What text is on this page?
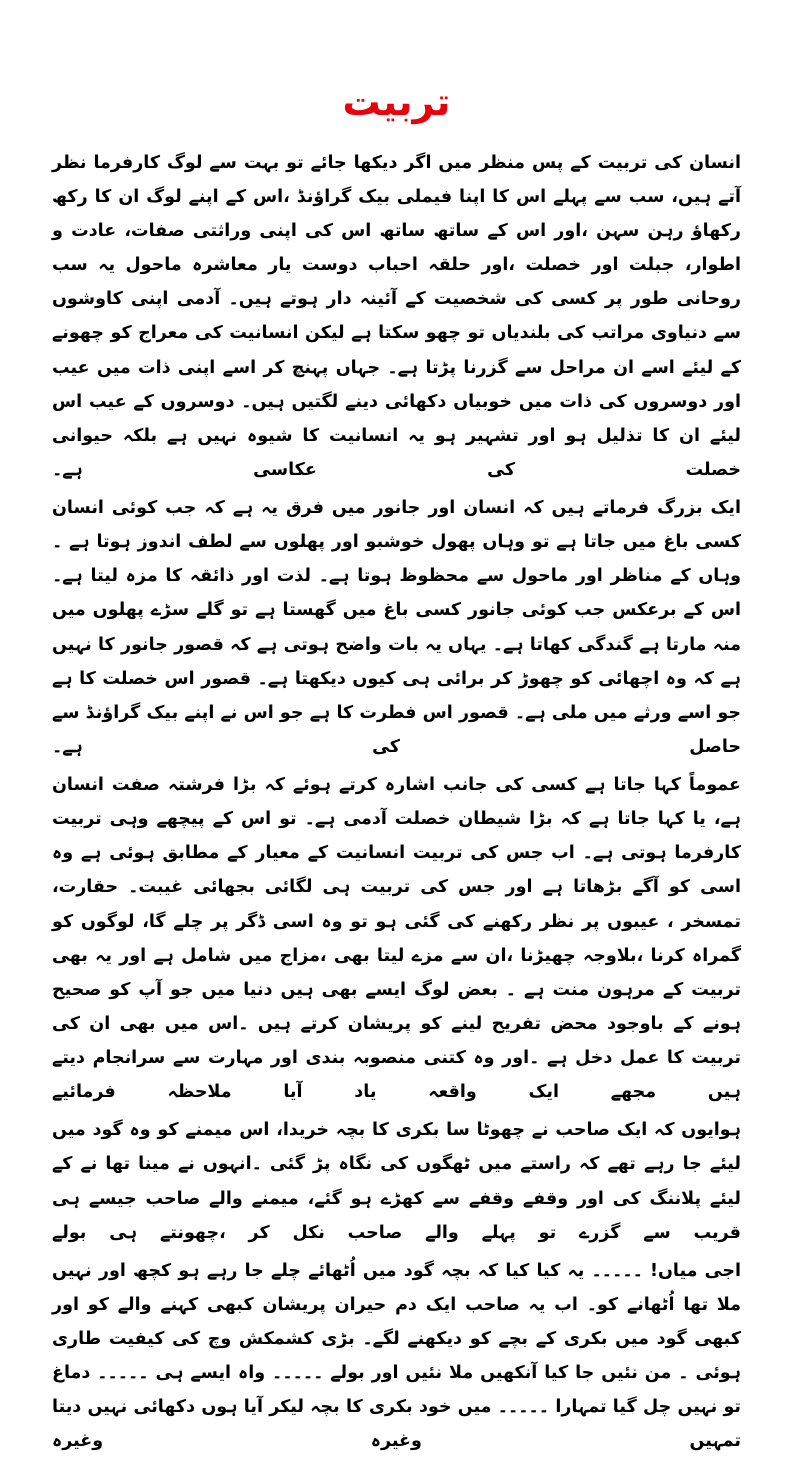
تربیت

انسان کی تربیت کے پس منظر میں اگر دیکھا جائے تو بہت سے لوگ کارفرما نظر آتے ہیں، سب سے پہلے اس کا اپنا فیملی بیک گراؤنڈ ،اس کے اپنے لوگ ان کا رکھ رکھاؤ رہن سہن ،اور اس کے ساتھ ساتھ اس کی اپنی وراثتی صفات، عادت و اطوار، جبلت اور خصلت ،اور حلقہ احباب دوست یار معاشرہ ماحول یہ سب روحانی طور پر کسی کی شخصیت کے آئینہ دار ہوتے ہیں۔ آدمی اپنی کاوشوں سے دنیاوی مراتب کی بلندیاں تو چھو سکتا ہے لیکن انسانیت کی معراج کو چھونے کے لیئے اسے ان مراحل سے گزرنا پڑتا ہے۔ جہاں پہنچ کر اسے اپنی ذات میں عیب اور دوسروں کی ذات میں خوبیاں دکھائی دینے لگتیں ہیں۔ دوسروں کے عیب اس لیئے ان کا تذلیل ہو اور تشہیر ہو یہ انسانیت کا شیوہ نہیں ہے بلکہ حیوانی خصلت کی عکاسی ہے۔

ایک بزرگ فرماتے ہیں کہ انسان اور جانور میں فرق یہ ہے کہ جب کوئی انسان کسی باغ میں جاتا ہے تو وہاں پھول خوشبو اور پھلوں سے لطف اندوز ہوتا ہے ۔وہاں کے مناظر اور ماحول سے محظوظ ہوتا ہے۔ لذت اور ذائقہ کا مزہ لیتا ہے۔ اس کے برعکس جب کوئی جانور کسی باغ میں گھستا ہے تو گلے سڑے پھلوں میں منہ مارتا ہے گندگی کھاتا ہے۔ یہاں یہ بات واضح ہوتی ہے کہ قصور جانور کا نہیں ہے کہ وہ اچھائی کو چھوڑ کر برائی ہی کیوں دیکھتا ہے۔ قصور اس خصلت کا ہے جو اسے ورثے میں ملی ہے۔ قصور اس فطرت کا ہے جو اس نے اپنے بیک گراؤنڈ سے حاصل کی ہے۔

عموماً کہا جاتا ہے کسی کی جانب اشارہ کرتے ہوئے کہ بڑا فرشتہ صفت انسان ہے، یا کہا جاتا ہے کہ بڑا شیطان خصلت آدمی ہے۔ تو اس کے پیچھے وہی تربیت کارفرما ہوتی ہے۔ اب جس کی تربیت انسانیت کے معیار کے مطابق ہوئی ہے وہ اسی کو آگے بڑھاتا ہے اور جس کی تربیت ہی لگائی بجھائی غیبت۔ حقارت، تمسخر ، عیبوں پر نظر رکھنے کی گئی ہو تو وہ اسی ڈگر پر چلے گا، لوگوں کو گمراہ کرنا ،بلاوجہ چھیڑنا ،ان سے مزے لیتا بھی ،مزاج میں شامل ہے اور یہ بھی تربیت کے مرہون منت ہے ۔ بعض لوگ ایسے بھی ہیں دنیا میں جو آپ کو صحیح ہونے کے باوجود محض تفریح لینے کو پریشان کرتے ہیں ۔اس میں بھی ان کی تربیت کا عمل دخل ہے ۔اور وہ کتنی منصوبہ بندی اور مہارت سے سرانجام دیتے ہیں مجھے ایک واقعہ یاد آیا ملاحظہ فرمائیے

ہوایوں کہ ایک صاحب نے چھوٹا سا بکری کا بچہ خریدا، اس میمنے کو وہ گود میں لیئے جا رہے تھے کہ راستے میں ٹھگوں کی نگاہ پڑ گئی ۔انہوں نے مینا تھا نے کے لیئے پلاننگ کی اور وقفے وقفے سے کھڑے ہو گئے، میمنے والے صاحب جیسے ہی قریب سے گزرے تو پہلے والے صاحب نکل کر ،چھونتے ہی بولے

اجی میاں! ۔۔۔۔۔ یہ کیا کیا کہ بچہ گود میں اُٹھائے چلے جا رہے ہو کچھ اور نہیں ملا تھا اُٹھانے کو۔ اب یہ صاحب ایک دم حیران پریشان کبھی کہنے والے کو اور کبھی گود میں بکری کے بچے کو دیکھنے لگے۔ بڑی کشمکش وچ کی کیفیت طاری ہوئی ۔ من نئیں جا کیا آنکھیں ملا نئیں اور بولے ۔۔۔۔۔ واہ ایسے ہی ۔۔۔۔۔ دماغ تو نہیں چل گیا تمہارا ۔۔۔۔۔ میں خود بکری کا بچہ لیکر آیا ہوں دکھائی نہیں دیتا تمہیں وغیرہ وغیرہ
